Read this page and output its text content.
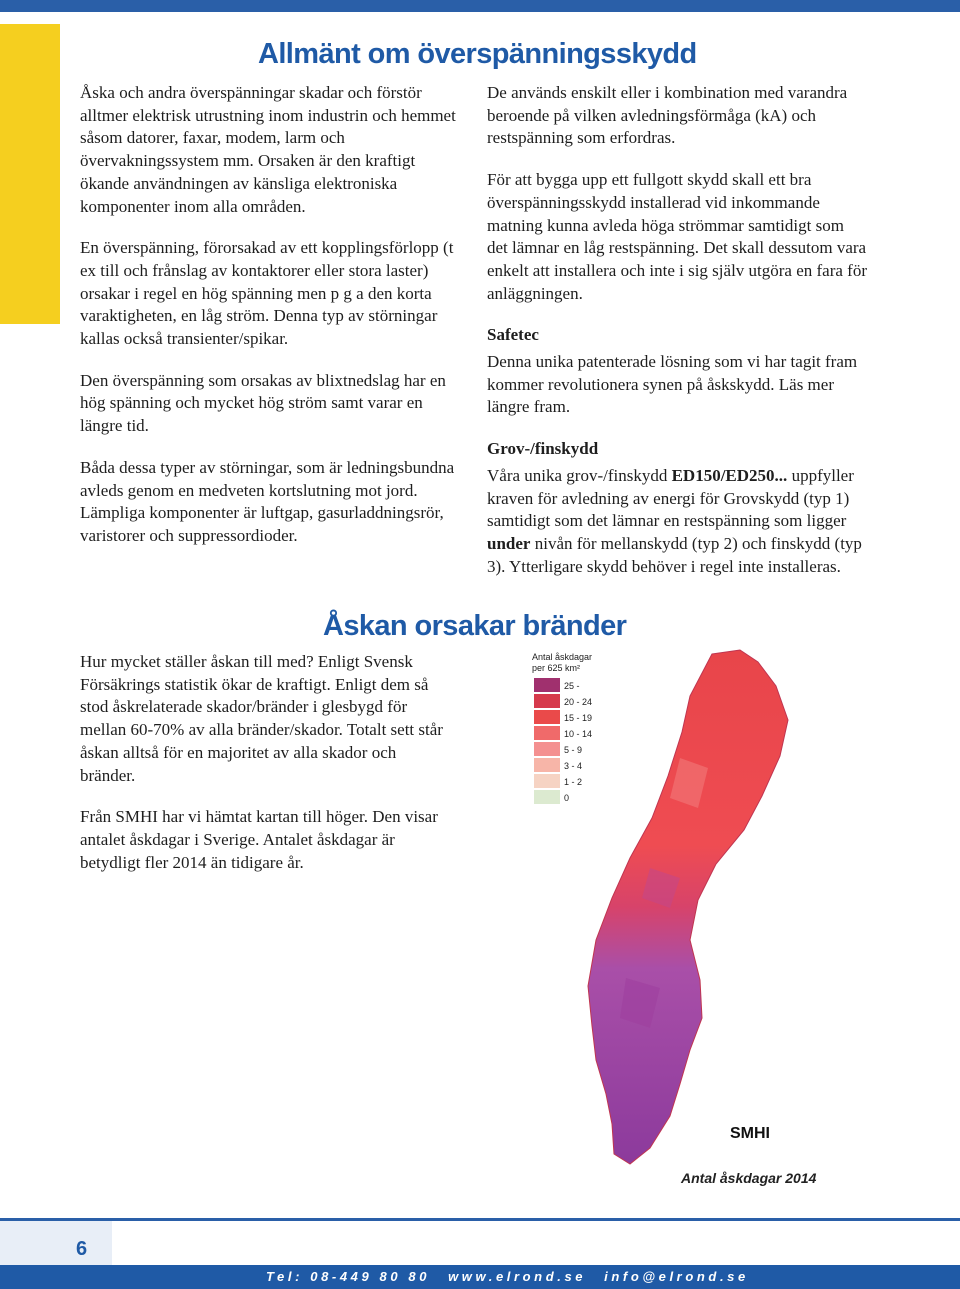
Allmänt om överspänningsskydd

Åska och andra överspänningar skadar och förstör alltmer elektrisk utrustning inom industrin och hemmet såsom datorer, faxar, modem, larm och övervakningssystem mm. Orsaken är den kraftigt ökande användningen av känsliga elektroniska komponenter inom alla områden.

En överspänning, förorsakad av ett kopplingsförlopp (t ex till och frånslag av kontaktorer eller stora laster) orsakar i regel en hög spänning men p g a den korta varaktigheten, en låg ström. Denna typ av störningar kallas också transienter/spikar.

Den överspänning som orsakas av blixtnedslag har en hög spänning och mycket hög ström samt varar en längre tid.

Båda dessa typer av störningar, som är ledningsbundna avleds genom en medveten kortslutning mot jord. Lämpliga komponenter är luftgap, gasurladdningsrör, varistorer och suppressordioder.

De används enskilt eller i kombination med varandra beroende på vilken avledningsförmåga (kA) och restspänning som erfordras.

För att bygga upp ett fullgott skydd skall ett bra överspänningsskydd installerad vid inkommande matning kunna avleda höga strömmar samtidigt som det lämnar en låg restspänning. Det skall dessutom vara enkelt att installera och inte i sig själv utgöra en fara för anläggningen.

Safetec
Denna unika patenterade lösning som vi har tagit fram kommer revolutionera synen på åskskydd. Läs mer längre fram.

Grov-/finskydd
Våra unika grov-/finskydd ED150/ED250... uppfyller kraven för avledning av energi för Grovskydd (typ 1) samtidigt som det lämnar en restspänning som ligger under nivån för mellanskydd (typ 2) och finskydd (typ 3). Ytterligare skydd behöver i regel inte installeras.

Åskan orsakar bränder

Hur mycket ställer åskan till med? Enligt Svensk Försäkrings statistik ökar de kraftigt. Enligt dem så stod åskrelaterade skador/bränder i glesbygd för mellan 60-70% av alla bränder/skador. Totalt sett står åskan alltså för en majoritet av alla skador och bränder.

Från SMHI har vi hämtat kartan till höger. Den visar antalet åskdagar i Sverige. Antalet åskdagar är betydligt fler 2014 än tidigare år.

Antal åskdagar
per 625 km²
25 -
20 - 24
15 - 19
10 - 14
5 - 9
3 - 4
1 - 2
0
SMHI
Antal åskdagar 2014
6
Tel: 08-449 80 80 www.elrond.se info@elrond.se
